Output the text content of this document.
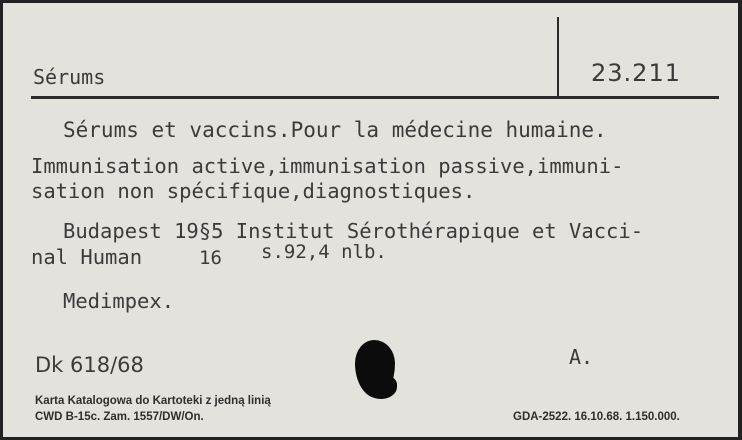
Sérums	23.211
Sérums et vaccins.Pour la médecine humaine.
Immunisation active,immunisation passive,immuni-
sation non spécifique,diagnostiques.
Budapest 19§5 Institut Sérothérapique et Vacci-
nal Human	16 s.92,4 nlb.
Medimpex.
Dk 618/68	A.
Karta Katalogowa do Kartoteki z jedną linią
CWD B-15c. Zam. 1557/DW/On.	GDA-2522. 16.10.68. 1.150.000.
